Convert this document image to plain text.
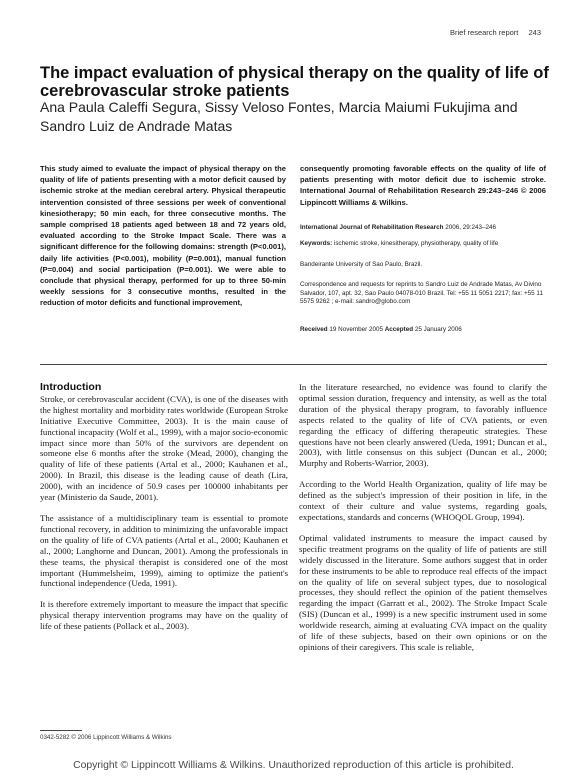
Brief research report 243
The impact evaluation of physical therapy on the quality of life of cerebrovascular stroke patients
Ana Paula Caleffi Segura, Sissy Veloso Fontes, Marcia Maiumi Fukujima and Sandro Luiz de Andrade Matas
This study aimed to evaluate the impact of physical therapy on the quality of life of patients presenting with a motor deficit caused by ischemic stroke at the median cerebral artery. Physical therapeutic intervention consisted of three sessions per week of conventional kinesiotherapy; 50 min each, for three consecutive months. The sample comprised 18 patients aged between 18 and 72 years old, evaluated according to the Stroke Impact Scale. There was a significant difference for the following domains: strength (P<0.001), daily life activities (P<0.001), mobility (P=0.001), manual function (P=0.004) and social participation (P=0.001). We were able to conclude that physical therapy, performed for up to three 50-min weekly sessions for 3 consecutive months, resulted in the reduction of motor deficits and functional improvement,
consequently promoting favorable effects on the quality of life of patients presenting with motor deficit due to ischemic stroke. International Journal of Rehabilitation Research 29:243–246 © 2006 Lippincott Williams & Wilkins.
International Journal of Rehabilitation Research 2006, 29:243–246
Keywords: ischemic stroke, kinesitherapy, physiotherapy, quality of life
Bandeirante University of Sao Paulo, Brazil.
Correspondence and requests for reprints to Sandro Luiz de Andrade Matas, Av Divino Salvador, 107, apt. 32, Sao Paulo 04078-010 Brazil. Tel: +55 11 5051 2217; fax: +55 11 5575 9262 ; e-mail: sandro@globo.com
Received 19 November 2005 Accepted 25 January 2006
Introduction

Stroke, or cerebrovascular accident (CVA), is one of the diseases with the highest mortality and morbidity rates worldwide (European Stroke Initiative Executive Committee, 2003). It is the main cause of functional incapacity (Wolf et al., 1999), with a major socio-economic impact since more than 50% of the survivors are dependent on someone else 6 months after the stroke (Mead, 2000), changing the quality of life of these patients (Artal et al., 2000; Kauhanen et al., 2000). In Brazil, this disease is the leading cause of death (Lira, 2000), with an incidence of 50.9 cases per 100000 inhabitants per year (Ministerio da Saude, 2001).

The assistance of a multidisciplinary team is essential to promote functional recovery, in addition to minimizing the unfavorable impact on the quality of life of CVA patients (Artal et al., 2000; Kauhanen et al., 2000; Langhorne and Duncan, 2001). Among the professionals in these teams, the physical therapist is considered one of the most important (Hummelsheim, 1999), aiming to optimize the patient's functional independence (Ueda, 1991).

It is therefore extremely important to measure the impact that specific physical therapy intervention programs may have on the quality of life of these patients (Pollack et al., 2003).

In the literature researched, no evidence was found to clarify the optimal session duration, frequency and intensity, as well as the total duration of the physical therapy program, to favorably influence aspects related to the quality of life of CVA patients, or even regarding the efficacy of differing therapeutic strategies. These questions have not been clearly answered (Ueda, 1991; Duncan et al., 2003), with little consensus on this subject (Duncan et al., 2000; Murphy and Roberts-Warrior, 2003).

According to the World Health Organization, quality of life may be defined as the subject's impression of their position in life, in the context of their culture and value systems, regarding goals, expectations, standards and concerns (WHOQOL Group, 1994).

Optimal validated instruments to measure the impact caused by specific treatment programs on the quality of life of patients are still widely discussed in the literature. Some authors suggest that in order for these instruments to be able to reproduce real effects of the impact on the quality of life on several subject types, due to nosological processes, they should reflect the opinion of the patient themselves regarding the impact (Garratt et al., 2002). The Stroke Impact Scale (SIS) (Duncan et al., 1999) is a new specific instrument used in some worldwide research, aiming at evaluating CVA impact on the quality of life of these subjects, based on their own opinions or on the opinions of their caregivers. This scale is reliable,

0342-5282 © 2006 Lippincott Williams & Wilkins
Copyright © Lippincott Williams & Wilkins. Unauthorized reproduction of this article is prohibited.
